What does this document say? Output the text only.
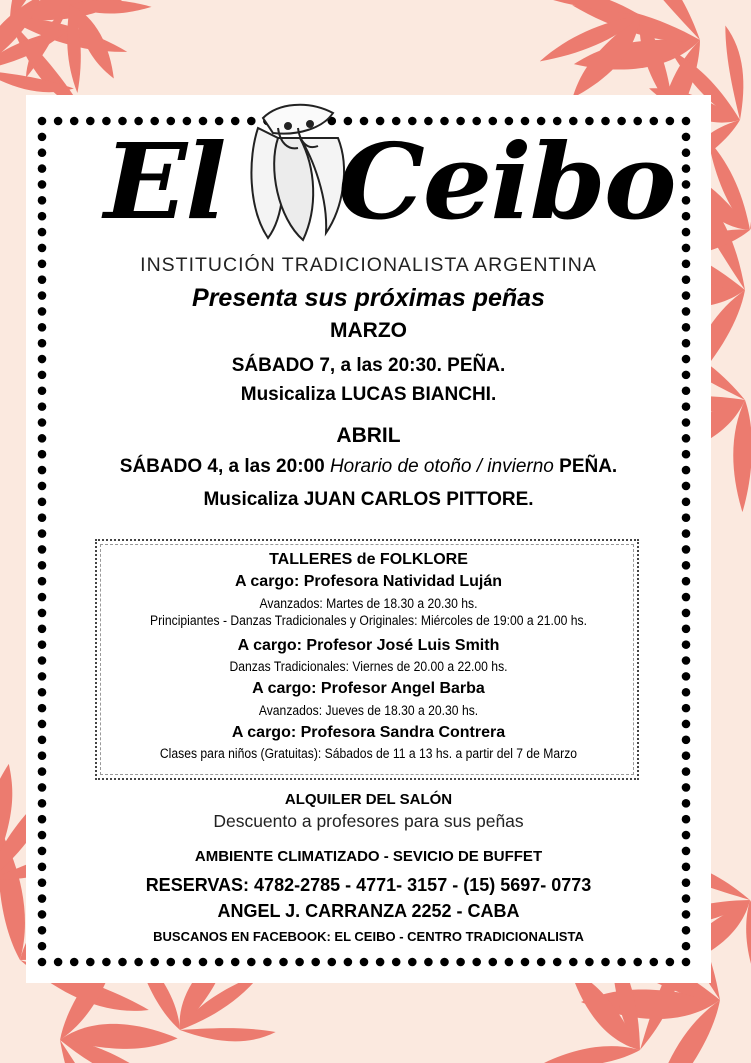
El Ceibo
INSTITUCIÓN TRADICIONALISTA ARGENTINA
Presenta sus próximas peñas
MARZO
SÁBADO 7, a las 20:30. PEÑA.
Musicaliza LUCAS BIANCHI.
ABRIL
SÁBADO 4, a las 20:00 Horario de otoño / invierno PEÑA.
Musicaliza JUAN CARLOS PITTORE.
TALLERES de FOLKLORE
A cargo: Profesora Natividad Luján
Avanzados: Martes de 18.30 a 20.30 hs.
Principiantes - Danzas Tradicionales y Originales: Miércoles de 19:00 a 21.00 hs.
A cargo: Profesor José Luis Smith
Danzas Tradicionales: Viernes de 20.00 a 22.00 hs.
A cargo: Profesor Angel Barba
Avanzados: Jueves de 18.30 a 20.30 hs.
A cargo: Profesora Sandra Contrera
Clases para niños (Gratuitas): Sábados de 11 a 13 hs. a partir del 7 de Marzo
ALQUILER DEL SALÓN
Descuento a profesores para sus peñas
AMBIENTE CLIMATIZADO - SEVICIO DE BUFFET
RESERVAS: 4782-2785 - 4771- 3157 - (15) 5697- 0773
ANGEL J. CARRANZA 2252 - CABA
BUSCANOS EN FACEBOOK: EL CEIBO - CENTRO TRADICIONALISTA
